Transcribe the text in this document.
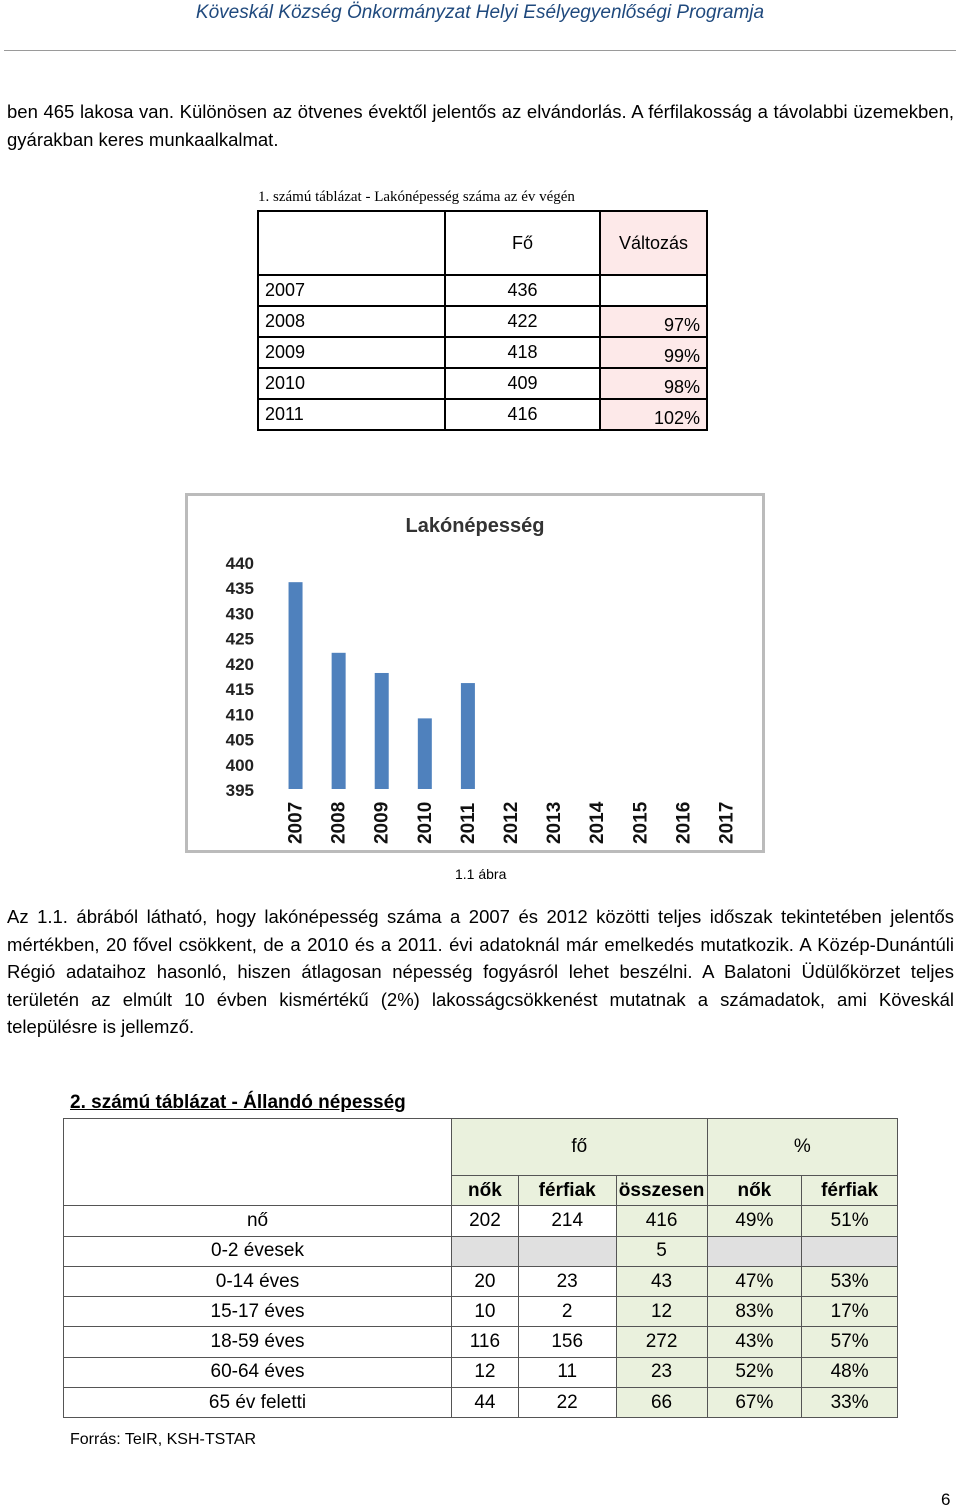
Köveskál Község Önkormányzat Helyi Esélyegyenlőségi Programja

ben 465 lakosa van. Különösen az ötvenes évektől jelentős az elvándorlás. A férfilakosság a távolabbi üzemekben, gyárakban keres munkaalkalmat.

1. számú táblázat - Lakónépesség száma az év végén
	Fő	Változás
2007	436	
2008	422	97%
2009	418	99%
2010	409	98%
2011	416	102%
Lakónépesség
440
435
430
425
420
415
410
405
400
395
2007 2008 2009 2010 2011 2012 2013 2014 2015 2016 2017
1.1 ábra

Az 1.1. ábrából látható, hogy lakónépesség száma a 2007 és 2012 közötti teljes időszak tekintetében jelentős mértékben, 20 fővel csökkent, de a 2010 és a 2011. évi adatoknál már emelkedés mutatkozik. A Közép-Dunántúli Régió adataihoz hasonló, hiszen átlagosan népesség fogyásról lehet beszélni. A Balatoni Üdülőkörzet teljes területén az elmúlt 10 évben kismértékű (2%) lakosságcsökkenést mutatnak a számadatok, ami Köveskál településre is jellemző.

2. számú táblázat - Állandó népesség
	fő			%	
	nők	férfiak	összesen	nők	férfiak
nő	202	214	416	49%	51%
0-2 évesek			5		
0-14 éves	20	23	43	47%	53%
15-17 éves	10	2	12	83%	17%
18-59 éves	116	156	272	43%	57%
60-64 éves	12	11	23	52%	48%
65 év feletti	44	22	66	67%	33%
Forrás: TeIR, KSH-TSTAR
6
